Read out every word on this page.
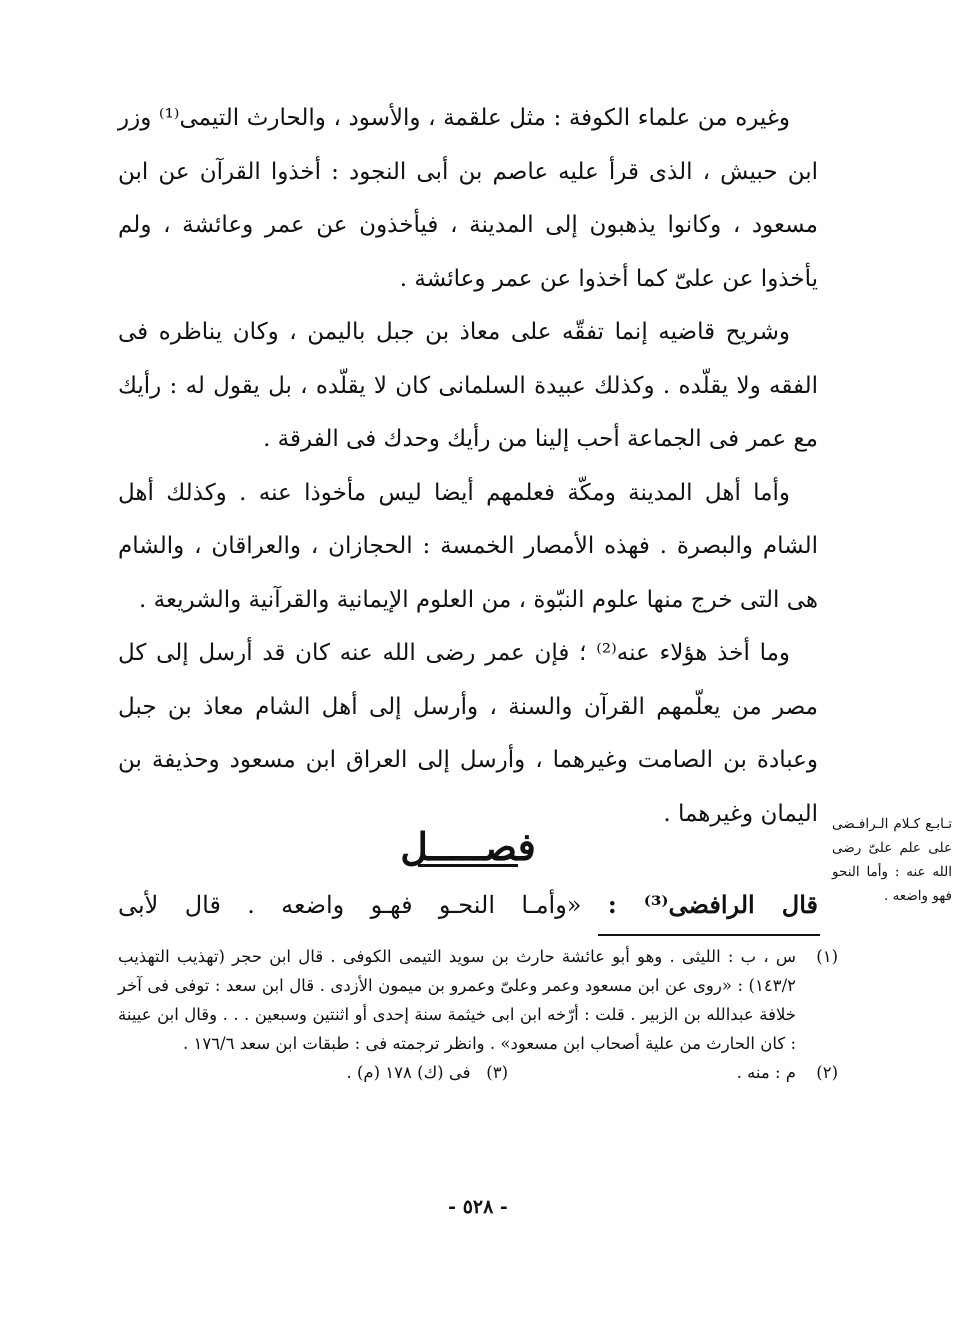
وغيره من علماء الكوفة : مثل علقمة ، والأسود ، والحارث التيمى⁽¹⁾ وزر ابن حبيش ، الذى قرأ عليه عاصم بن أبى النجود : أخذوا القرآن عن ابن مسعود ، وكانوا يذهبون إلى المدينة ، فيأخذون عن عمر وعائشة ، ولم يأخذوا عن علىّ كما أخذوا عن عمر وعائشة .

وشريح قاضيه إنما تفقّه على معاذ بن جبل باليمن ، وكان يناظره فى الفقه ولا يقلّده . وكذلك عبيدة السلمانى كان لا يقلّده ، بل يقول له : رأيك مع عمر فى الجماعة أحب إلينا من رأيك وحدك فى الفرقة .

وأما أهل المدينة ومكّة فعلمهم أيضا ليس مأخوذا عنه . وكذلك أهل الشام والبصرة . فهذه الأمصار الخمسة : الحجازان ، والعراقان ، والشام هى التى خرج منها علوم النبّوة ، من العلوم الإيمانية والقرآنية والشريعة .

وما أخذ هؤلاء عنه⁽²⁾ ؛ فإن عمر رضى الله عنه كان قد أرسل إلى كل مصر من يعلّمهم القرآن والسنة ، وأرسل إلى أهل الشام معاذ بن جبل وعبادة بن الصامت وغيرهما ، وأرسل إلى العراق ابن مسعود وحذيفة بن اليمان وغيرهما .

فصـــــل
قال الرافضى⁽³⁾ : «وأمـا النحـو فهـو واضعه . قال لأبى
تـابـع كـلام الـرافـضى على علم علىّ رضى الله عنه : وأما النحو فهو واضعه .

(١)
س ، ب : الليثى . وهو أبو عائشة حارث بن سويد التيمى الكوفى . قال ابن حجر (تهذيب التهذيب ١٤٣/٢) : «روى عن ابن مسعود وعمر وعلىّ وعمرو بن ميمون الأزدى . قال ابن سعد : توفى فى آخر خلافة عبدالله بن الزبير . قلت : أرّخه ابن ابى خيثمة سنة إحدى أو اثنتين وسبعين . . . وقال ابن عيينة : كان الحارث من علية أصحاب ابن مسعود» . وانظر ترجمته فى : طبقات ابن سعد ١٧٦/٦ .

(٢)
م : منه .
(٣)   فى (ك) ١٧٨ (م) .
- ٥٢٨ -
